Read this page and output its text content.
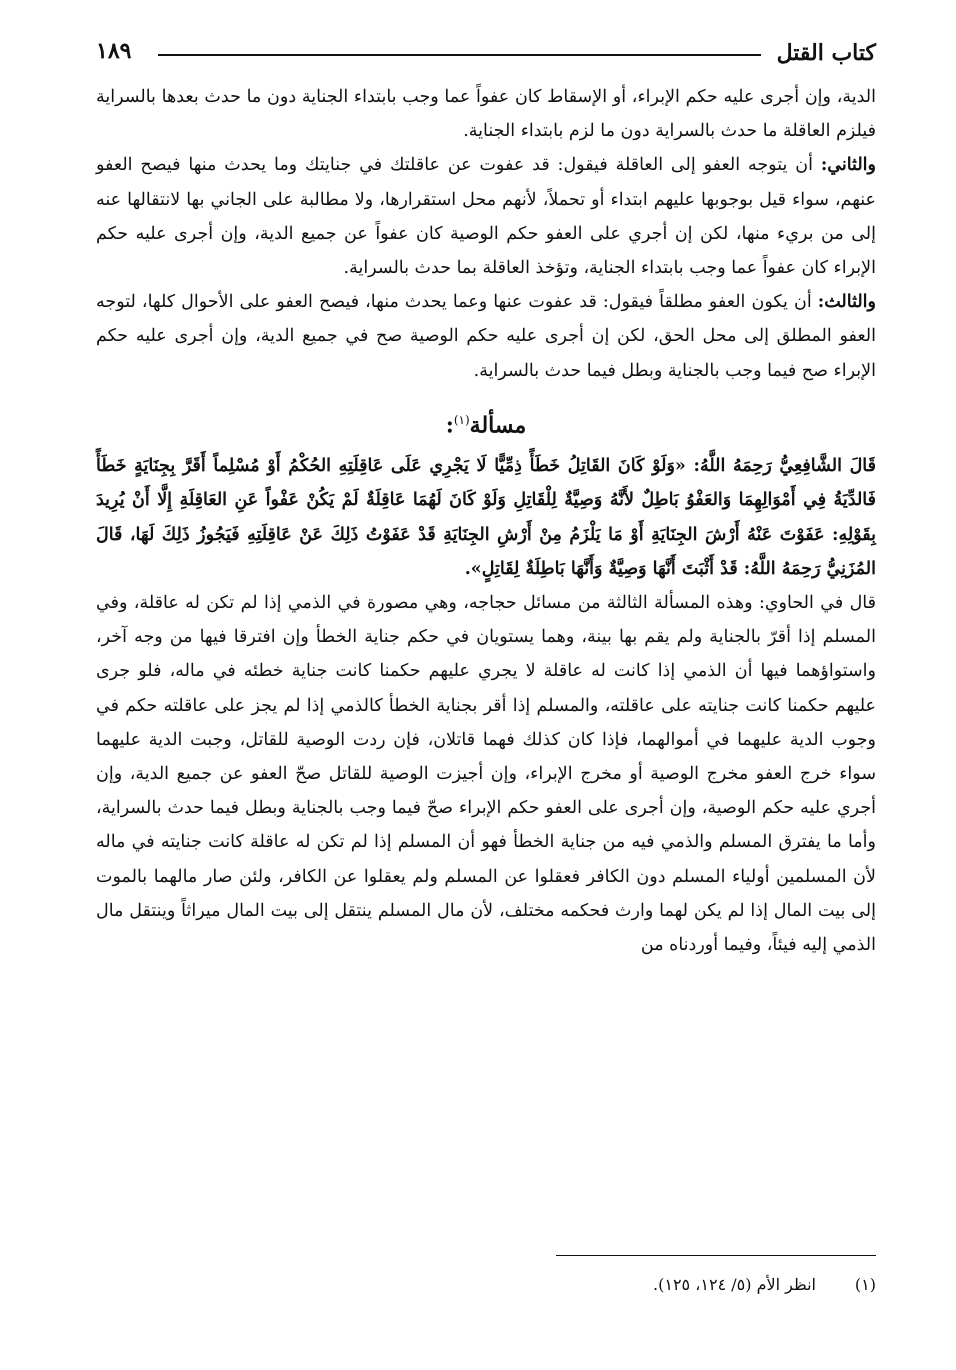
كتاب القتل
١٨٩

الدية، وإن أجرى عليه حكم الإبراء، أو الإسقاط كان عفواً عما وجب بابتداء الجناية دون ما حدث بعدها بالسراية فيلزم العاقلة ما حدث بالسراية دون ما لزم بابتداء الجناية.

والثاني: أن يتوجه العفو إلى العاقلة فيقول: قد عفوت عن عاقلتك في جنايتك وما يحدث منها فيصح العفو عنهم، سواء قيل بوجوبها عليهم ابتداء أو تحملاً، لأنهم محل استقرارها، ولا مطالبة على الجاني بها لانتقالها عنه إلى من بريء منها، لكن إن أجري على العفو حكم الوصية كان عفواً عن جميع الدية، وإن أجرى عليه حكم الإبراء كان عفواً عما وجب بابتداء الجناية، وتؤخذ العاقلة بما حدث بالسراية.

والثالث: أن يكون العفو مطلقاً فيقول: قد عفوت عنها وعما يحدث منها، فيصح العفو على الأحوال كلها، لتوجه العفو المطلق إلى محل الحق، لكن إن أجرى عليه حكم الوصية صح في جميع الدية، وإن أجرى عليه حكم الإبراء صح فيما وجب بالجناية وبطل فيما حدث بالسراية.

مسألة$^{(١)}$:

قَالَ الشَّافِعِيُّ رَحِمَهُ اللَّهُ: «وَلَوْ كَانَ القَاتِلُ خَطَأً ذِمِّيًّا لَا يَجْرِي عَلَى عَاقِلَتِهِ الحُكْمُ أَوْ مُسْلِماً أَقَرَّ بِجِنَايَةٍ خَطَأً فَالدِّيَةُ فِي أَمْوَالِهِمَا وَالعَفْوُ بَاطِلٌ لأَنَّهُ وَصِيَّةٌ لِلْقَاتِلِ وَلَوْ كَانَ لَهُمَا عَاقِلَةٌ لَمْ يَكُنْ عَفْواً عَنِ العَاقِلَةِ إِلَّا أَنْ يُرِيدَ بِقَوْلِهِ: عَفَوْتَ عَنْهُ أَرْشَ الجِنَايَةِ أَوْ مَا يَلْزَمُ مِنْ أَرْشِ الجِنَايَةِ قَدْ عَفَوْتُ ذَلِكَ عَنْ عَاقِلَتِهِ فَيَجُوزُ ذَلِكَ لَهَا، قَالَ المُزَنِيُّ رَحِمَهُ اللَّهُ: قَدْ أَثْبَتَ أَنَّهَا وَصِيَّةٌ وَأَنَّهَا بَاطِلَةٌ لِقَاتِلٍ».

قال في الحاوي: وهذه المسألة الثالثة من مسائل حجاجه، وهي مصورة في الذمي إذا لم تكن له عاقلة، وفي المسلم إذا أقرّ بالجناية ولم يقم بها بينة، وهما يستويان في حكم جناية الخطأ وإن افترقا فيها من وجه آخر، واستواؤهما فيها أن الذمي إذا كانت له عاقلة لا يجري عليهم حكمنا كانت جناية خطئه في ماله، فلو جرى عليهم حكمنا كانت جنايته على عاقلته، والمسلم إذا أقر بجناية الخطأ كالذمي إذا لم يجز على عاقلته حكم في وجوب الدية عليهما في أموالهما، فإذا كان كذلك فهما قاتلان، فإن ردت الوصية للقاتل، وجبت الدية عليهما سواء خرج العفو مخرج الوصية أو مخرج الإبراء، وإن أجيزت الوصية للقاتل صحّ العفو عن جميع الدية، وإن أجري عليه حكم الوصية، وإن أجرى على العفو حكم الإبراء صحّ فيما وجب بالجناية وبطل فيما حدث بالسراية، وأما ما يفترق المسلم والذمي فيه من جناية الخطأ فهو أن المسلم إذا لم تكن له عاقلة كانت جنايته في ماله لأن المسلمين أولياء المسلم دون الكافر فعقلوا عن المسلم ولم يعقلوا عن الكافر، ولئن صار مالهما بالموت إلى بيت المال إذا لم يكن لهما وارث فحكمه مختلف، لأن مال المسلم ينتقل إلى بيت المال ميراثاً وينتقل مال الذمي إليه فيئاً، وفيما أوردناه من

(١)انظر الأم (٥/ ١٢٤، ١٢٥).
